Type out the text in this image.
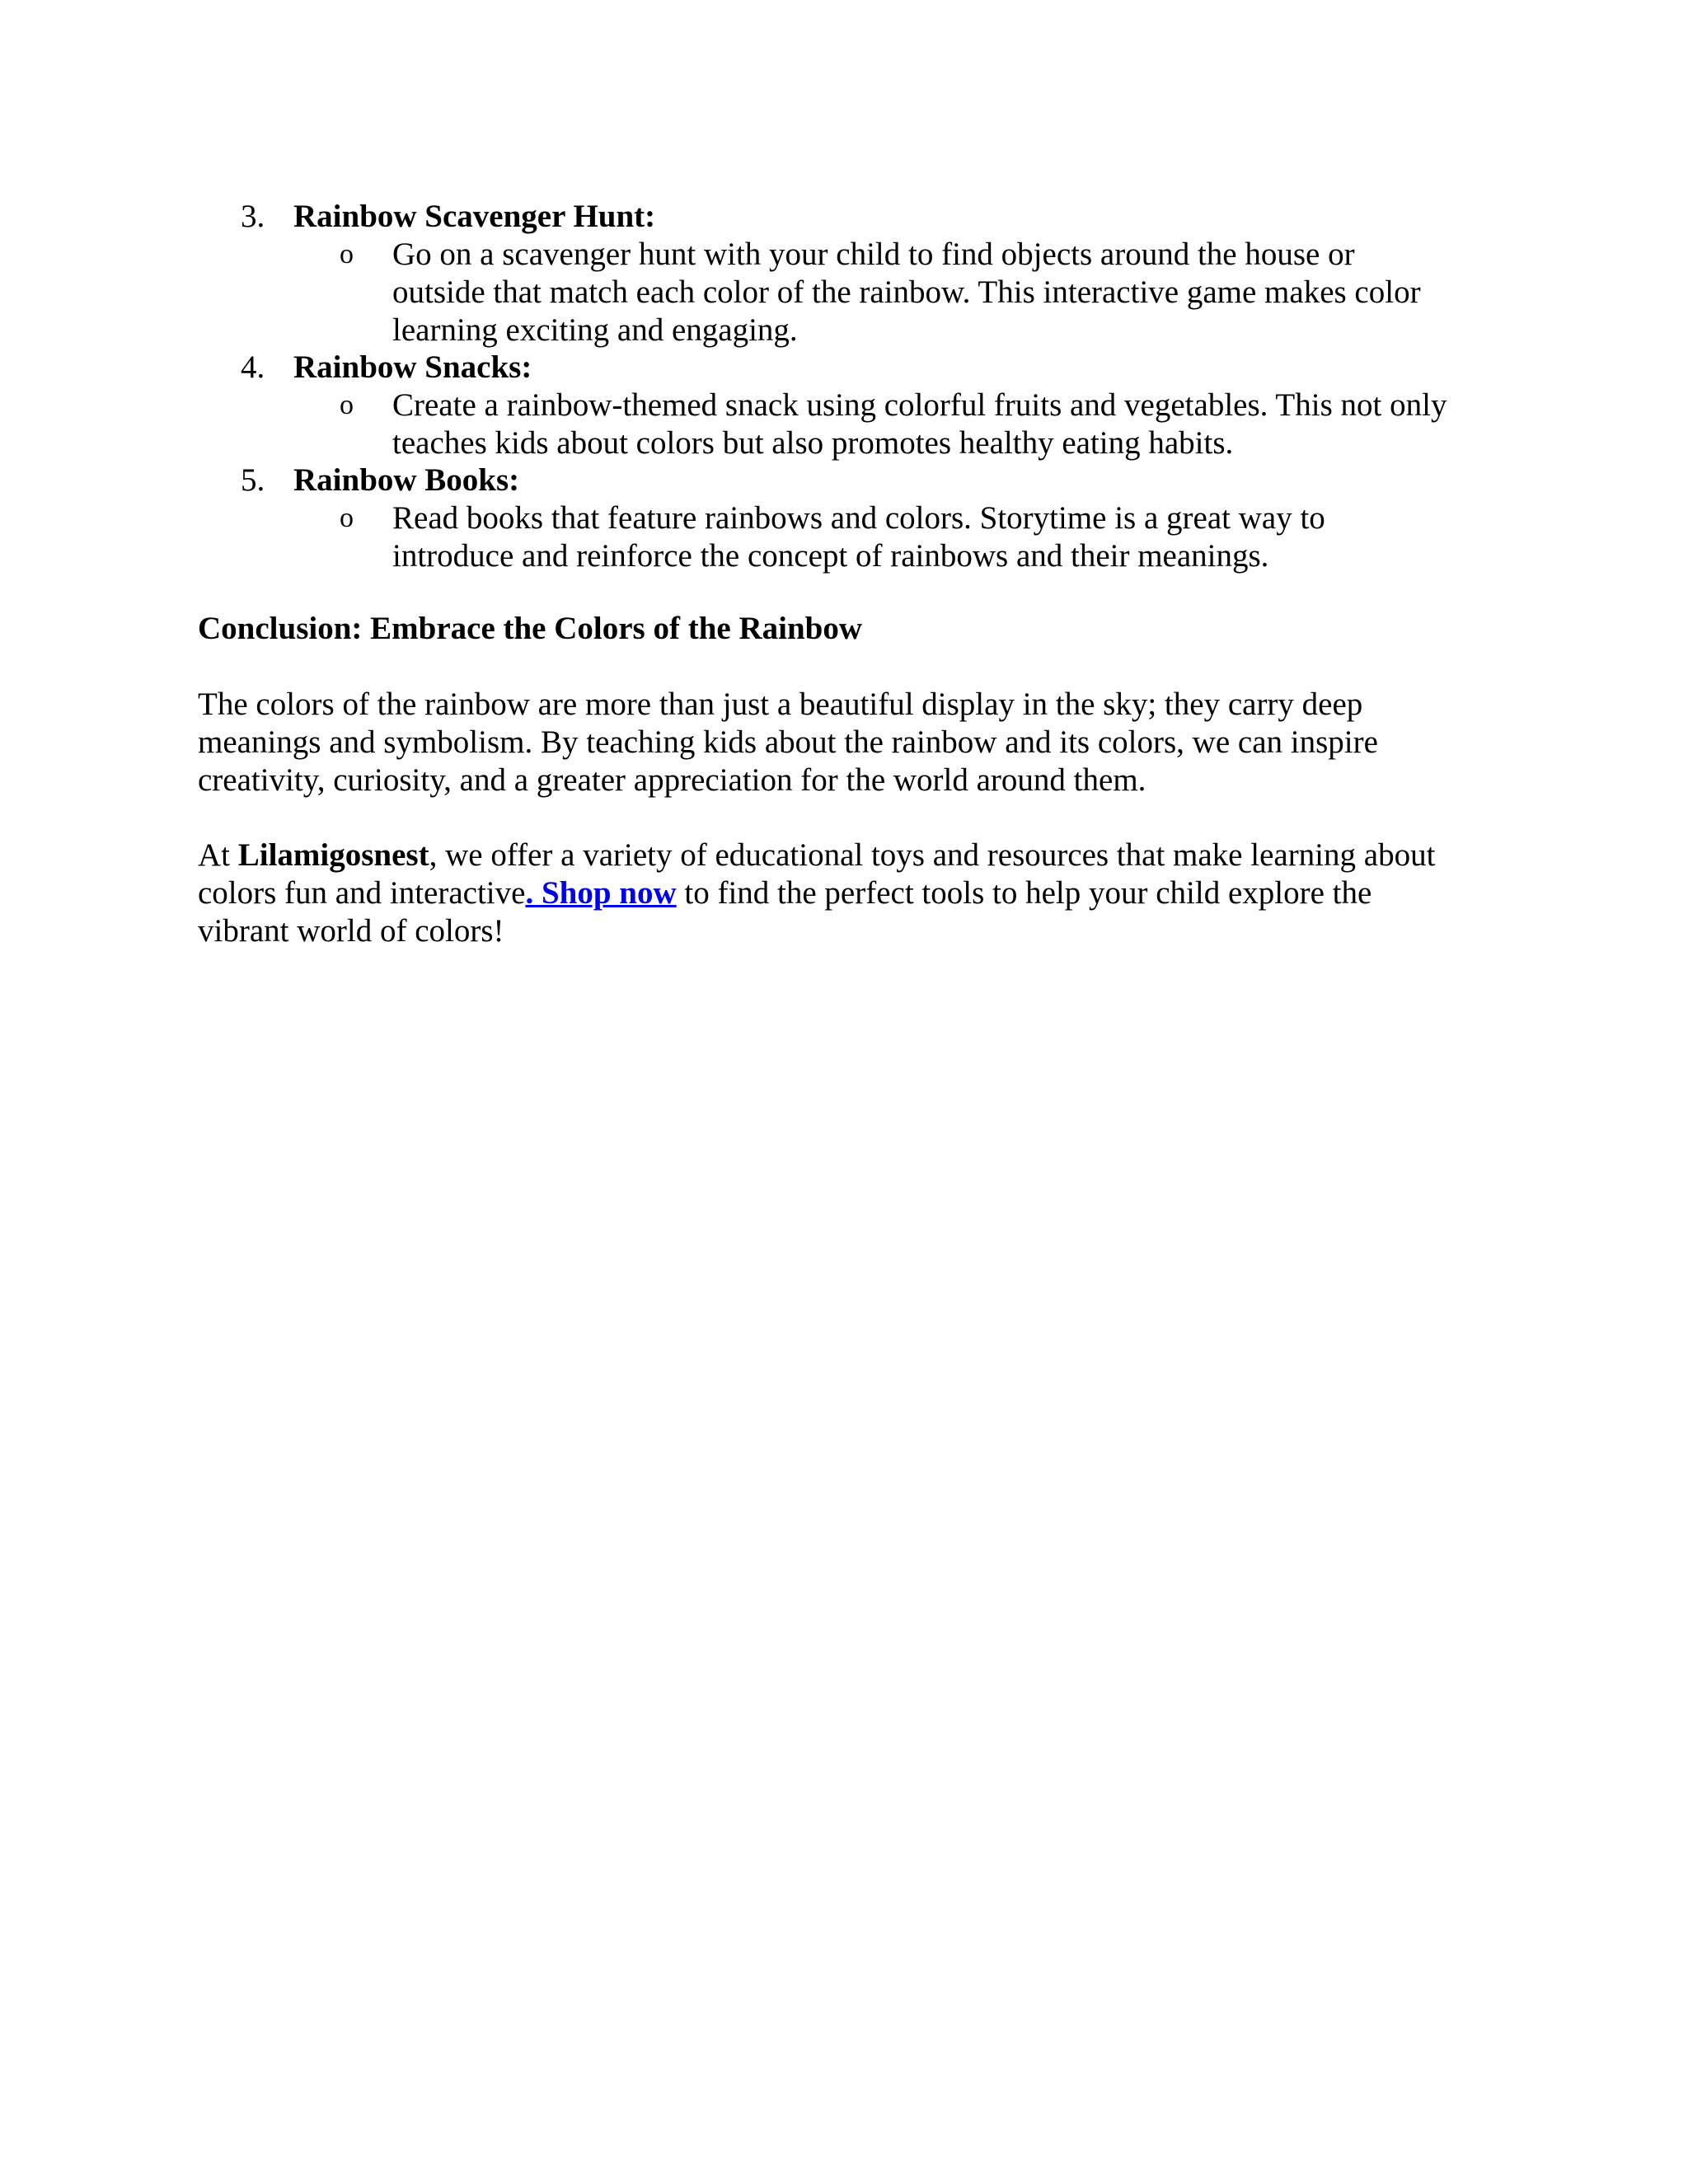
3. Rainbow Scavenger Hunt:
o Go on a scavenger hunt with your child to find objects around the house or
outside that match each color of the rainbow. This interactive game makes color
learning exciting and engaging.
4. Rainbow Snacks:
o Create a rainbow-themed snack using colorful fruits and vegetables. This not only
teaches kids about colors but also promotes healthy eating habits.
5. Rainbow Books:
o Read books that feature rainbows and colors. Storytime is a great way to
introduce and reinforce the concept of rainbows and their meanings.
Conclusion: Embrace the Colors of the Rainbow
The colors of the rainbow are more than just a beautiful display in the sky; they carry deep
meanings and symbolism. By teaching kids about the rainbow and its colors, we can inspire
creativity, curiosity, and a greater appreciation for the world around them.
At Lilamigosnest, we offer a variety of educational toys and resources that make learning about
colors fun and interactive. Shop now to find the perfect tools to help your child explore the
vibrant world of colors!
